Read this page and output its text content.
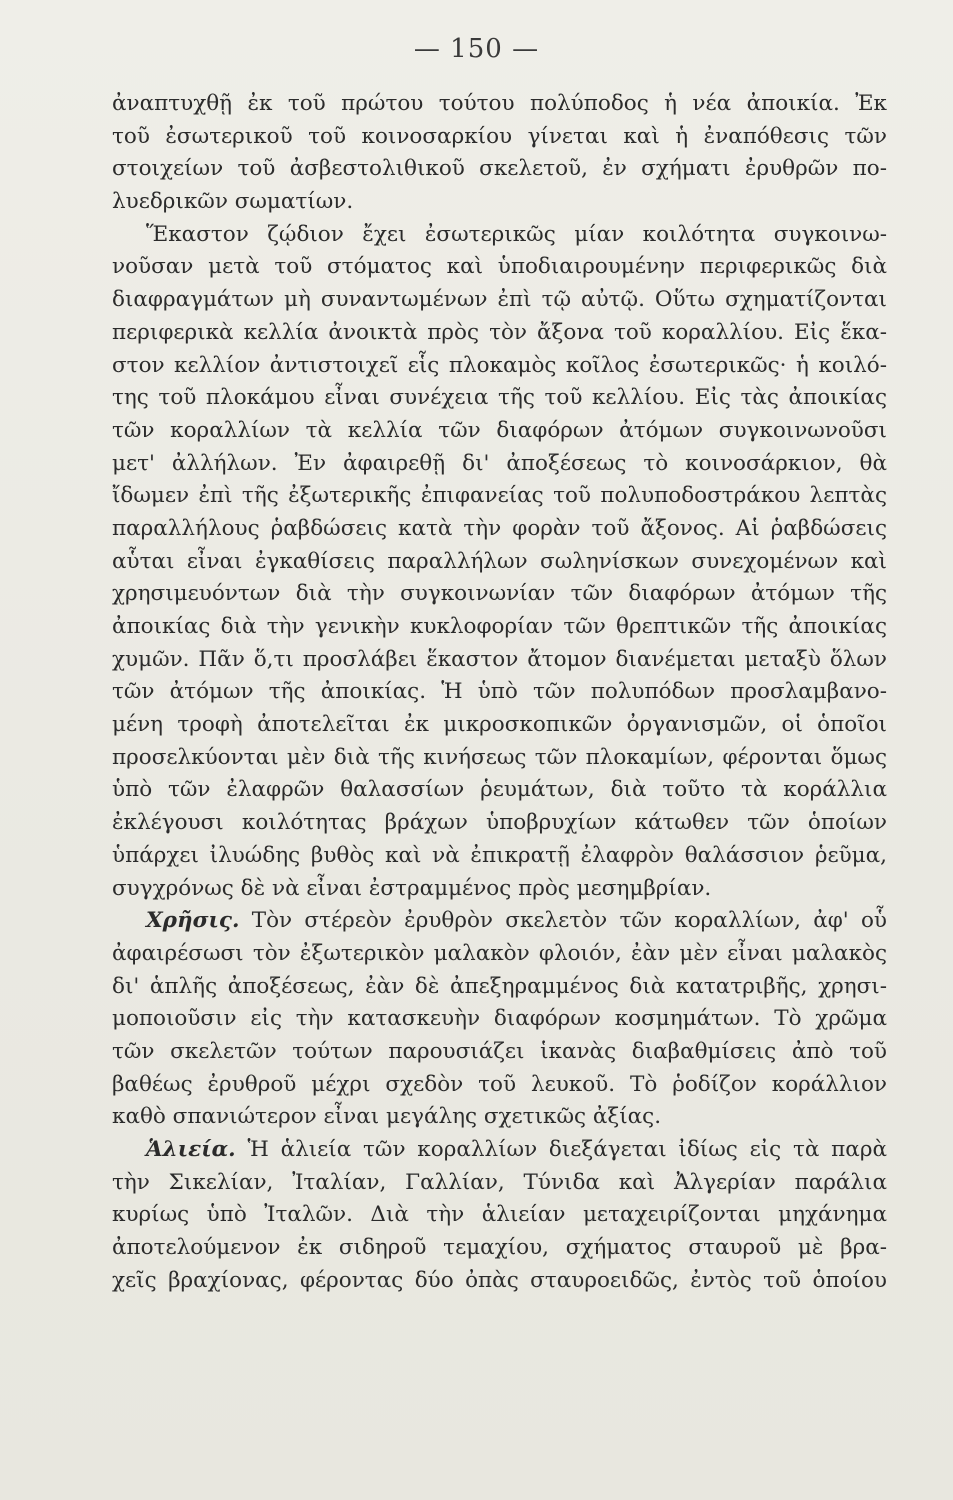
— 150 —
ἀναπτυχθῇ ἐκ τοῦ πρώτου τούτου πολύποδος ἡ νέα ἀποικία. Ἐκ
τοῦ ἐσωτερικοῦ τοῦ κοινοσαρκίου γίνεται καὶ ἡ ἐναπόθεσις τῶν
στοιχείων τοῦ ἀσβεστολιθικοῦ σκελετοῦ, ἐν σχήματι ἐρυθρῶν πο-
λυεδρικῶν σωματίων.
Ἕκαστον ζῴδιον ἔχει ἐσωτερικῶς μίαν κοιλότητα συγκοινω-
νοῦσαν μετὰ τοῦ στόματος καὶ ὑποδιαιρουμένην περιφερικῶς διὰ
διαφραγμάτων μὴ συναντωμένων ἐπὶ τῷ αὐτῷ. Οὕτω σχηματίζονται
περιφερικὰ κελλία ἀνοικτὰ πρὸς τὸν ἄξονα τοῦ κοραλλίου. Εἰς ἕκα-
στον κελλίον ἀντιστοιχεῖ εἷς πλοκαμὸς κοῖλος ἐσωτερικῶς· ἡ κοιλό-
της τοῦ πλοκάμου εἶναι συνέχεια τῆς τοῦ κελλίου. Εἰς τὰς ἀποικίας
τῶν κοραλλίων τὰ κελλία τῶν διαφόρων ἀτόμων συγκοινωνοῦσι
μετ' ἀλλήλων. Ἐν ἀφαιρεθῇ δι' ἀποξέσεως τὸ κοινοσάρκιον, θὰ
ἴδωμεν ἐπὶ τῆς ἐξωτερικῆς ἐπιφανείας τοῦ πολυποδοστράκου λεπτὰς
παραλλήλους ῥαβδώσεις κατὰ τὴν φορὰν τοῦ ἄξονος. Αἱ ῥαβδώσεις
αὗται εἶναι ἐγκαθίσεις παραλλήλων σωληνίσκων συνεχομένων καὶ
χρησιμευόντων διὰ τὴν συγκοινωνίαν τῶν διαφόρων ἀτόμων τῆς
ἀποικίας διὰ τὴν γενικὴν κυκλοφορίαν τῶν θρεπτικῶν τῆς ἀποικίας
χυμῶν. Πᾶν ὅ,τι προσλάβει ἕκαστον ἄτομον διανέμεται μεταξὺ ὅλων
τῶν ἀτόμων τῆς ἀποικίας. Ἡ ὑπὸ τῶν πολυπόδων προσλαμβανο-
μένη τροφὴ ἀποτελεῖται ἐκ μικροσκοπικῶν ὀργανισμῶν, οἱ ὁποῖοι
προσελκύονται μὲν διὰ τῆς κινήσεως τῶν πλοκαμίων, φέρονται ὅμως
ὑπὸ τῶν ἐλαφρῶν θαλασσίων ῥευμάτων, διὰ τοῦτο τὰ κοράλλια
ἐκλέγουσι κοιλότητας βράχων ὑποβρυχίων κάτωθεν τῶν ὁποίων
ὑπάρχει ἰλυώδης βυθὸς καὶ νὰ ἐπικρατῇ ἐλαφρὸν θαλάσσιον ῥεῦμα,
συγχρόνως δὲ νὰ εἶναι ἐστραμμένος πρὸς μεσημβρίαν.
Χρῆσις. Τὸν στέρεὸν ἐρυθρὸν σκελετὸν τῶν κοραλλίων, ἀφ' οὗ
ἀφαιρέσωσι τὸν ἐξωτερικὸν μαλακὸν φλοιόν, ἐὰν μὲν εἶναι μαλακὸς
δι' ἁπλῆς ἀποξέσεως, ἐὰν δὲ ἀπεξηραμμένος διὰ κατατριβῆς, χρησι-
μοποιοῦσιν εἰς τὴν κατασκευὴν διαφόρων κοσμημάτων. Τὸ χρῶμα
τῶν σκελετῶν τούτων παρουσιάζει ἱκανὰς διαβαθμίσεις ἀπὸ τοῦ
βαθέως ἐρυθροῦ μέχρι σχεδὸν τοῦ λευκοῦ. Τὸ ῥοδίζον κοράλλιον
καθὸ σπανιώτερον εἶναι μεγάλης σχετικῶς ἀξίας.
Ἁλιεία. Ἡ ἁλιεία τῶν κοραλλίων διεξάγεται ἰδίως εἰς τὰ παρὰ
τὴν Σικελίαν, Ἰταλίαν, Γαλλίαν, Τύνιδα καὶ Ἀλγερίαν παράλια
κυρίως ὑπὸ Ἰταλῶν. Διὰ τὴν ἁλιείαν μεταχειρίζονται μηχάνημα
ἀποτελούμενον ἐκ σιδηροῦ τεμαχίου, σχήματος σταυροῦ μὲ βρα-
χεῖς βραχίονας, φέροντας δύο ὀπὰς σταυροειδῶς, ἐντὸς τοῦ ὁποίου
